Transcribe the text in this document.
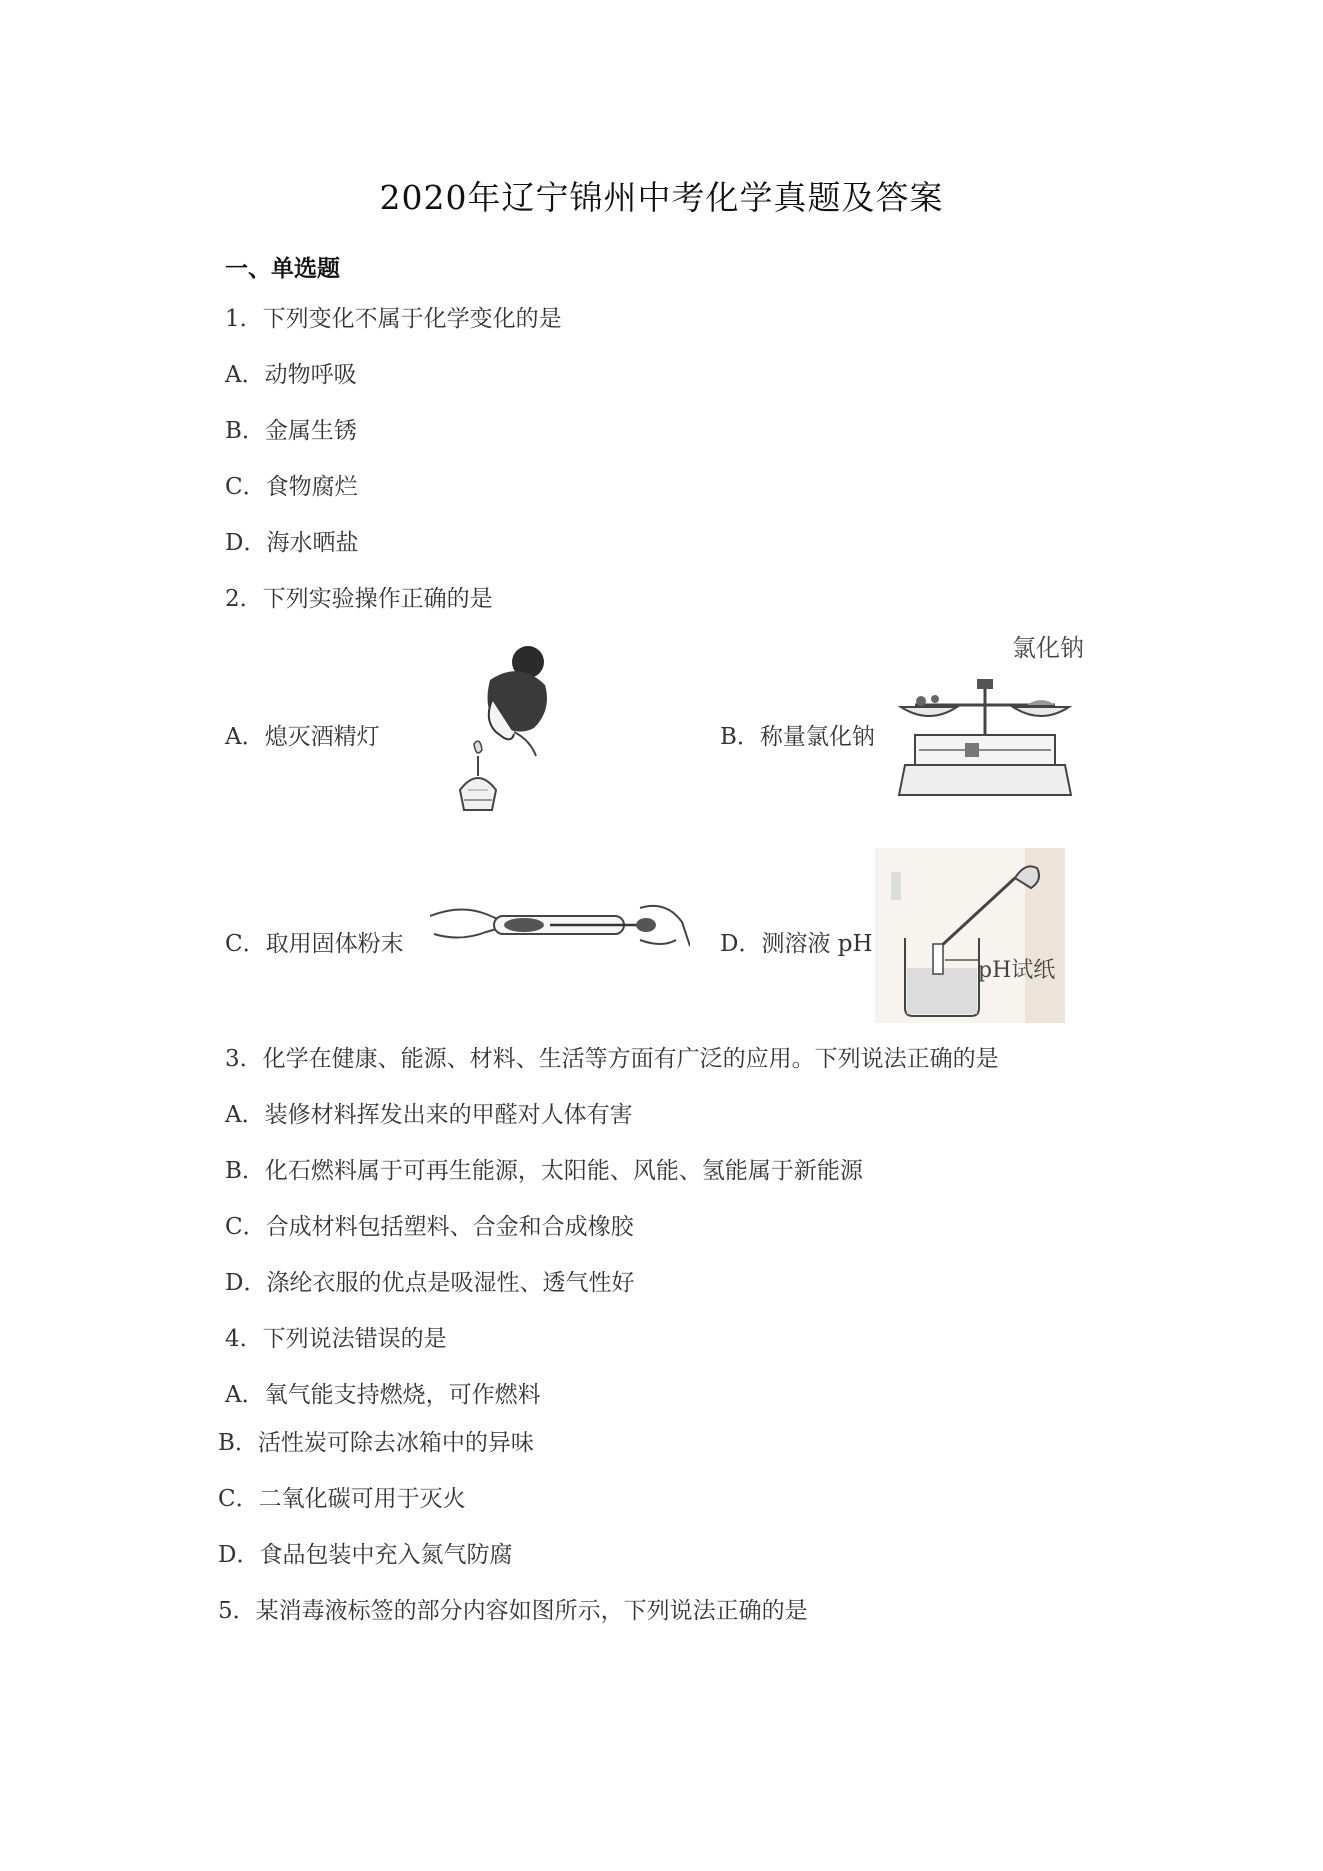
2020年辽宁锦州中考化学真题及答案
一、单选题
1．下列变化不属于化学变化的是
A．动物呼吸
B．金属生锈
C．食物腐烂
D．海水晒盐
2．下列实验操作正确的是
A．熄灭酒精灯	B．称量氯化钠
C．取用固体粉末	D．测溶液 pH
氯化钠
pH试纸
3．化学在健康、能源、材料、生活等方面有广泛的应用。下列说法正确的是
A．装修材料挥发出来的甲醛对人体有害
B．化石燃料属于可再生能源，太阳能、风能、氢能属于新能源
C．合成材料包括塑料、合金和合成橡胶
D．涤纶衣服的优点是吸湿性、透气性好
4．下列说法错误的是
A．氧气能支持燃烧，可作燃料
B．活性炭可除去冰箱中的异味
C．二氧化碳可用于灭火
D．食品包装中充入氮气防腐
5．某消毒液标签的部分内容如图所示，下列说法正确的是
